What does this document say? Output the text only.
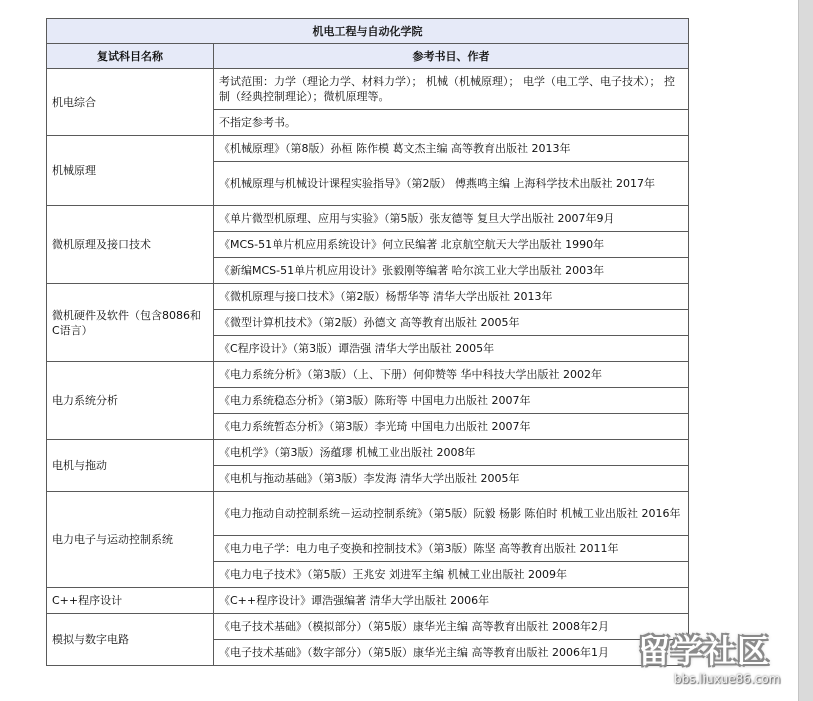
机电工程与自动化学院	
复试科目名称	参考书目、作者
机电综合	考试范围：力学（理论力学、材料力学）； 机械（机械原理）； 电学（电工学、电子技术）； 控制（经典控制理论）；微机原理等。
	不指定参考书。
机械原理	《机械原理》（第8版）孙桓 陈作模 葛文杰主编 高等教育出版社 2013年
	《机械原理与机械设计课程实验指导》（第2版） 傅燕鸣主编 上海科学技术出版社 2017年
微机原理及接口技术	《单片微型机原理、应用与实验》（第5版）张友德等 复旦大学出版社 2007年9月
	《MCS-51单片机应用系统设计》何立民编著 北京航空航天大学出版社 1990年
	《新编MCS-51单片机应用设计》张毅刚等编著 哈尔滨工业大学出版社 2003年
微机硬件及软件（包含8086和C语言）	《微机原理与接口技术》（第2版）杨帮华等 清华大学出版社 2013年
	《微型计算机技术》（第2版）孙德文 高等教育出版社 2005年
	《C程序设计》（第3版）谭浩强 清华大学出版社 2005年
电力系统分析	《电力系统分析》（第3版）（上、下册）何仰赞等 华中科技大学出版社 2002年
	《电力系统稳态分析》（第3版）陈珩等 中国电力出版社 2007年
	《电力系统暂态分析》（第3版）李光琦 中国电力出版社 2007年
电机与拖动	《电机学》（第3版）汤蕴璆 机械工业出版社 2008年
	《电机与拖动基础》（第3版）李发海 清华大学出版社 2005年
电力电子与运动控制系统	《电力拖动自动控制系统－运动控制系统》（第5版）阮毅 杨影 陈伯时 机械工业出版社 2016年
	《电力电子学：电力电子变换和控制技术》（第3版）陈坚 高等教育出版社 2011年
	《电力电子技术》（第5版）王兆安 刘进军主编 机械工业出版社 2009年
C++程序设计	《C++程序设计》谭浩强编著 清华大学出版社 2006年
模拟与数字电路	《电子技术基础》（模拟部分）（第5版）康华光主编 高等教育出版社 2008年2月
	《电子技术基础》（数字部分）（第5版）康华光主编 高等教育出版社 2006年1月 留学社区
bbs.liuxue86.com
